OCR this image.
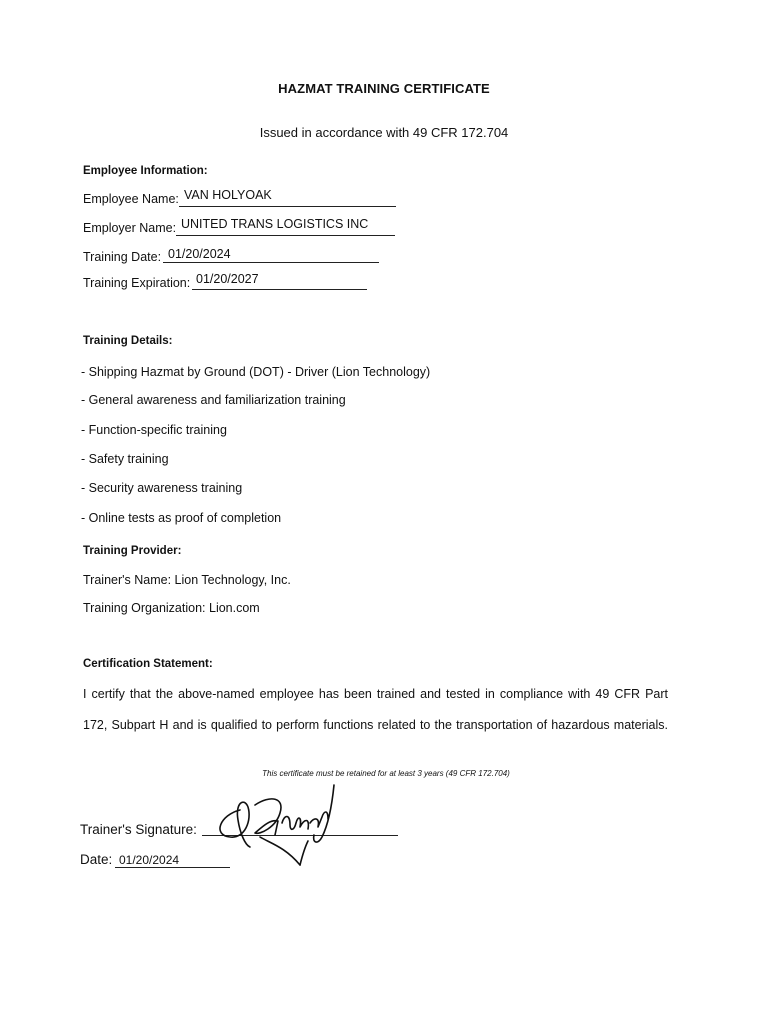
HAZMAT TRAINING CERTIFICATE
Issued in accordance with 49 CFR 172.704
Employee Information:
Employee Name: VAN HOLYOAK
Employer Name: UNITED TRANS LOGISTICS INC
Training Date: 01/20/2024
Training Expiration: 01/20/2027
Training Details:
- Shipping Hazmat by Ground (DOT) - Driver (Lion Technology)
- General awareness and familiarization training
- Function-specific training
- Safety training
- Security awareness training
- Online tests as proof of completion
Training Provider:
Trainer's Name: Lion Technology, Inc.
Training Organization: Lion.com
Certification Statement:
I certify that the above-named employee has been trained and tested in compliance with 49 CFR Part
172, Subpart H and is qualified to perform functions related to the transportation of hazardous materials.
This certificate must be retained for at least 3 years (49 CFR 172.704)
Trainer's Signature:
Date: 01/20/2024
